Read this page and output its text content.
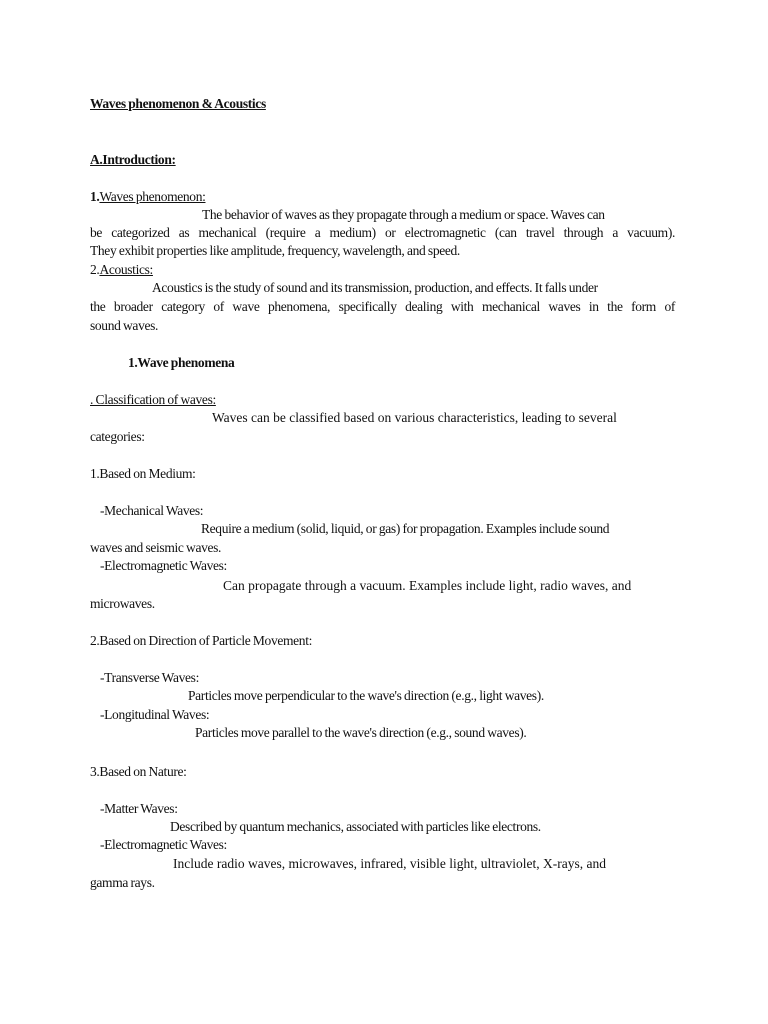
Waves phenomenon & Acoustics
A.Introduction:
1.Waves phenomenon:
The behavior of waves as they propagate through a medium or space. Waves can
be categorized as mechanical (require a medium) or electromagnetic (can travel through a vacuum).
They exhibit properties like amplitude, frequency, wavelength, and speed.
2.Acoustics:
Acoustics is the study of sound and its transmission, production, and effects. It falls under
the broader category of wave phenomena, specifically dealing with mechanical waves in the form of
sound waves.
1.Wave phenomena
. Classification of waves:
Waves can be classified based on various characteristics, leading to several
categories:
1.Based on Medium:
-Mechanical Waves:
Require a medium (solid, liquid, or gas) for propagation. Examples include sound
waves and seismic waves.
-Electromagnetic Waves:
Can propagate through a vacuum. Examples include light, radio waves, and
microwaves.
2.Based on Direction of Particle Movement:
-Transverse Waves:
Particles move perpendicular to the wave's direction (e.g., light waves).
-Longitudinal Waves:
Particles move parallel to the wave's direction (e.g., sound waves).
3.Based on Nature:
-Matter Waves:
Described by quantum mechanics, associated with particles like electrons.
-Electromagnetic Waves:
Include radio waves, microwaves, infrared, visible light, ultraviolet, X-rays, and
gamma rays.
